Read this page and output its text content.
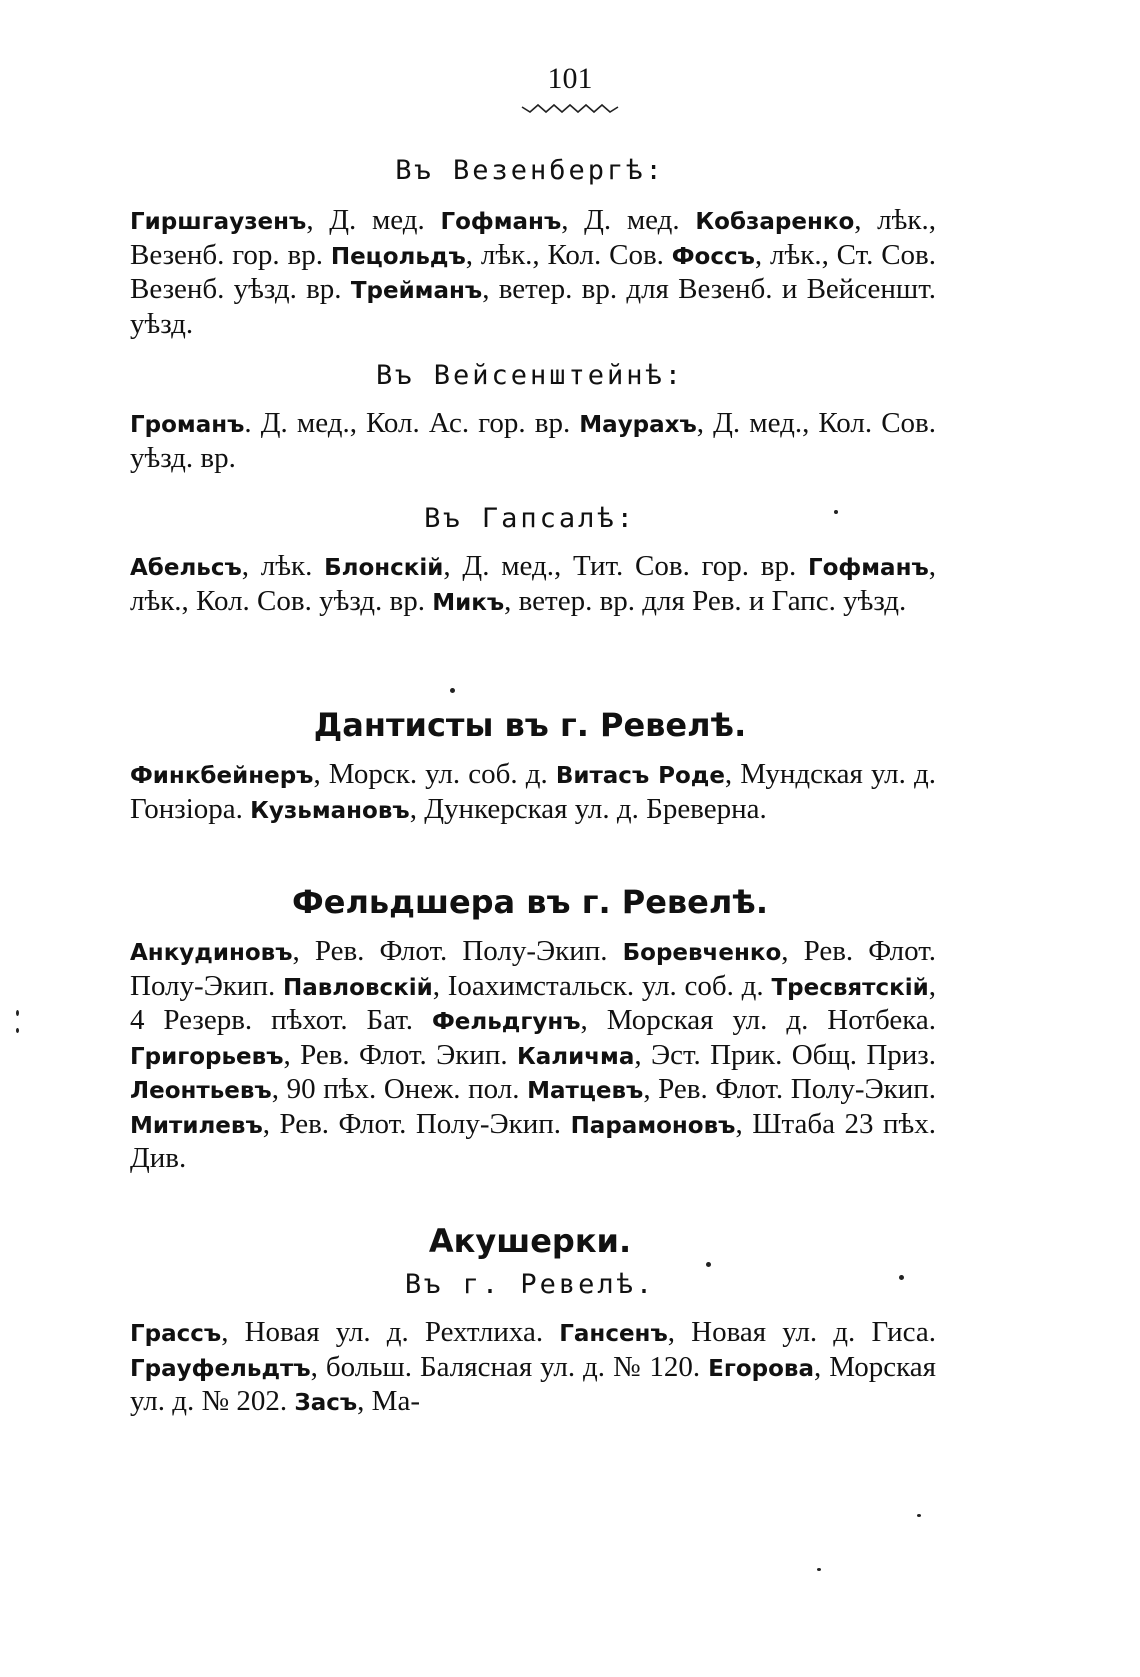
101
Въ Везенбергѣ:
Гиршгаузенъ, Д. мед. Гофманъ, Д. мед. Кобзаренко, лѣк., Везенб. гор. вр. Пецольдъ, лѣк., Кол. Сов. Фоссъ, лѣк., Ст. Сов. Везенб. уѣзд. вр. Трейманъ, ветер. вр. для Везенб. и Вейсеншт. уѣзд.
Въ Вейсенштейнѣ:
Громанъ. Д. мед., Кол. Ас. гор. вр. Маурахъ, Д. мед., Кол. Сов. уѣзд. вр.
Въ Гапсалѣ:
Абельсъ, лѣк. Блонскій, Д. мед., Тит. Сов. гор. вр. Гофманъ, лѣк., Кол. Сов. уѣзд. вр. Микъ, ветер. вр. для Рев. и Гапс. уѣзд.
Дантисты въ г. Ревелѣ.
Финкбейнеръ, Морск. ул. соб. д. Витасъ Роде, Мундская ул. д. Гонзіора. Кузьмановъ, Дункерская ул. д. Бреверна.
Фельдшера въ г. Ревелѣ.
Анкудиновъ, Рев. Флот. Полу-Экип. Боревченко, Рев. Флот. Полу-Экип. Павловскій, Іоахимстальск. ул. соб. д. Тресвятскій, 4 Резерв. пѣхот. Бат. Фельдгунъ, Морская ул. д. Нотбека. Григорьевъ, Рев. Флот. Экип. Каличма, Эст. Прик. Общ. Приз. Леонтьевъ, 90 пѣх. Онеж. пол. Матцевъ, Рев. Флот. Полу-Экип. Митилевъ, Рев. Флот. Полу-Экип. Парамоновъ, Штаба 23 пѣх. Див.
Акушерки.
Въ г. Ревелѣ.
Грассъ, Новая ул. д. Рехтлиха. Гансенъ, Новая ул. д. Гиса. Грауфельдтъ, больш. Балясная ул. д. № 120. Егорова, Морская ул. д. № 202. Засъ, Ма-
